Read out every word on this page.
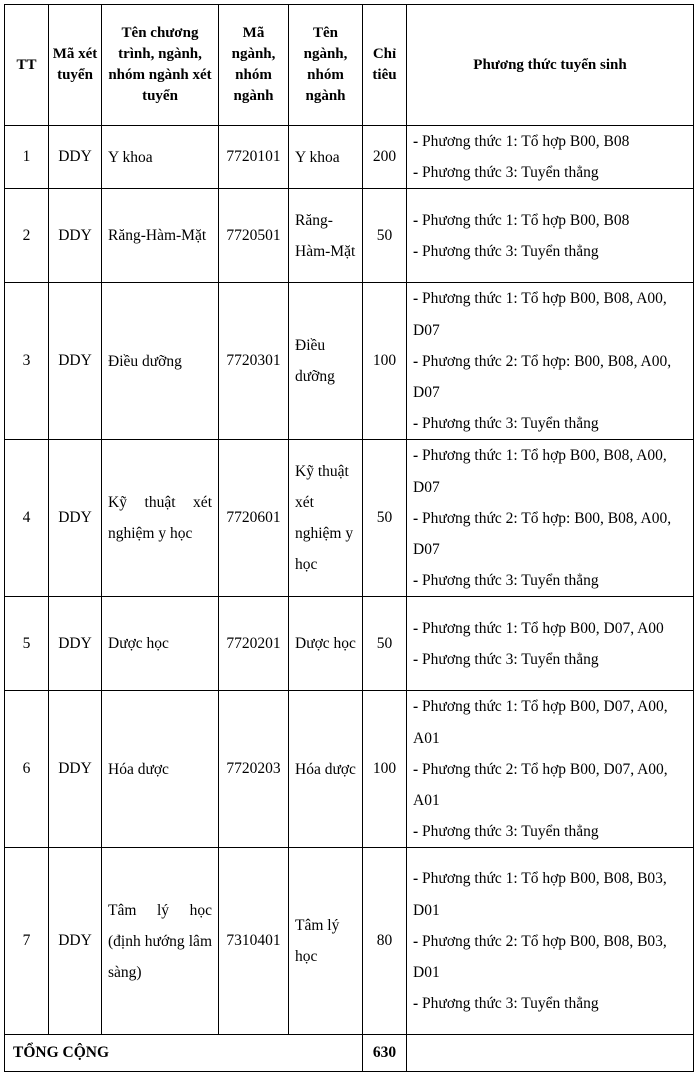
TT	Mã xét tuyển	Tên chương trình, ngành, nhóm ngành xét tuyển	Mã ngành, nhóm ngành	Tên ngành, nhóm ngành	Chỉ tiêu	Phương thức tuyển sinh
1	DDY	Y khoa	7720101	Y khoa	200	- Phương thức 1: Tổ hợp B00, B08
- Phương thức 3: Tuyển thẳng

2	DDY	Răng-Hàm-Mặt	7720501	Răng-Hàm-Mặt	50	- Phương thức 1: Tổ hợp B00, B08
- Phương thức 3: Tuyển thẳng

3	DDY	Điều dưỡng	7720301	Điều dưỡng	100	- Phương thức 1: Tổ hợp B00, B08, A00, D07
- Phương thức 2: Tổ hợp: B00, B08, A00, D07
- Phương thức 3: Tuyển thẳng

4	DDY	Kỹ thuật xét nghiệm y học	7720601	Kỹ thuật xét nghiệm y học	50	- Phương thức 1: Tổ hợp B00, B08, A00, D07
- Phương thức 2: Tổ hợp: B00, B08, A00, D07
- Phương thức 3: Tuyển thẳng

5	DDY	Dược học	7720201	Dược học	50	- Phương thức 1: Tổ hợp B00, D07, A00
- Phương thức 3: Tuyển thẳng

6	DDY	Hóa dược	7720203	Hóa dược	100	- Phương thức 1: Tổ hợp B00, D07, A00, A01
- Phương thức 2: Tổ hợp B00, D07, A00, A01
- Phương thức 3: Tuyển thẳng

7	DDY	Tâm lý học (định hướng lâm sàng)	7310401	Tâm lý học	80	- Phương thức 1: Tổ hợp B00, B08, B03, D01
- Phương thức 2: Tổ hợp B00, B08, B03, D01
- Phương thức 3: Tuyển thẳng

TỔNG CỘNG					630	
